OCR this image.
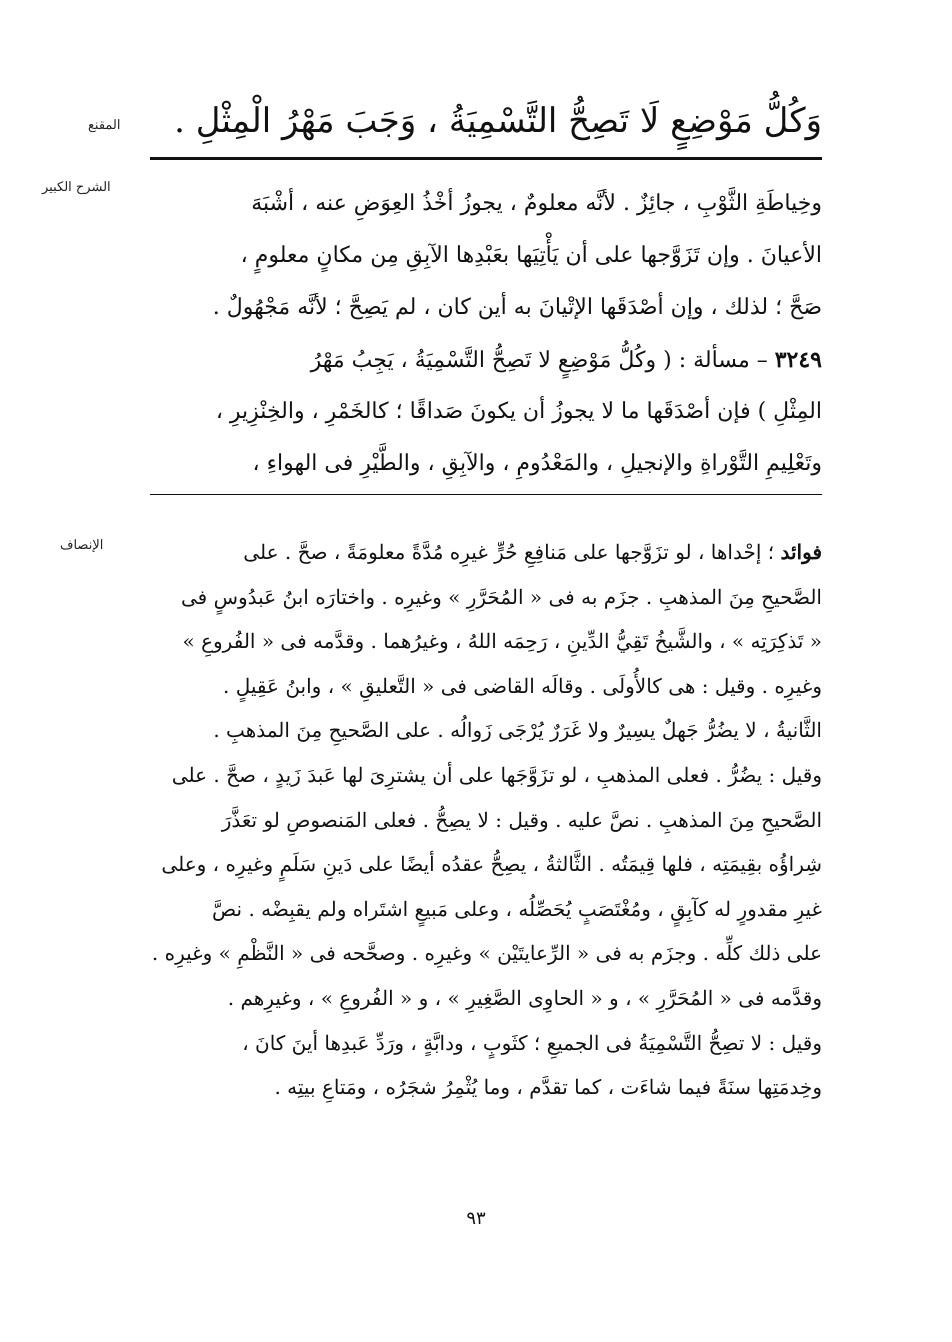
المقنع
الشرح الكبير
الإنصاف
وَكُلُّ مَوْضِعٍ لَا تَصِحُّ التَّسْمِيَةُ ، وَجَبَ مَهْرُ الْمِثْلِ .
وخِياطَةِ الثَّوْبِ ، جائِزٌ . لأنَّه معلومٌ ، يجوزُ أخْذُ العِوَضِ عنه ، أشْبَهَ
الأعيانَ . وإن تَزَوَّجها على أن يَأْتِيَها بعَبْدِها الآبِقِ مِن مكانٍ معلومٍ ،
صَحَّ ؛ لذلك ، وإن أصْدَقَها الإتْيانَ به أين كان ، لم يَصِحَّ ؛ لأنَّه مَجْهُولٌ .
٣٢٤٩ – مسألة : ( وكُلُّ مَوْضِعٍ لا تَصِحُّ التَّسْمِيَةُ ، يَجِبُ مَهْرُ
المِثْلِ ) فإن أصْدَقَها ما لا يجوزُ أن يكونَ صَداقًا ؛ كالخَمْرِ ، والخِنْزِيرِ ،
وتَعْلِيمِ التَّوْراةِ والإنجيلِ ، والمَعْدُومِ ، والآبِقِ ، والطَّيْرِ فى الهواءِ ،
فوائد ؛ إحْداها ، لو تزَوَّجها على مَنافِعِ حُرٍّ غيرِه مُدَّةً معلومَةً ، صحَّ . على
الصَّحيحِ مِنَ المذهبِ . جزَم به فى « المُحَرَّرِ » وغيرِه . واختارَه ابنُ عَبدُوسٍ فى
« تَذكِرَتِه » ، والشَّيخُ تَقِيُّ الدِّينِ ، رَحِمَه اللهُ ، وغيرُهما . وقدَّمه فى « الفُروعِ »
وغيرِه . وقيل : هى كالأُولَى . وقالَه القاضى فى « التَّعليقِ » ، وابنُ عَقِيلٍ .
الثَّانيةُ ، لا يضُرُّ جَهلٌ يسِيرٌ ولا غَرَرٌ يُرْجَى زَوالُه . على الصَّحيحِ مِنَ المذهبِ .
وقيل : يضُرُّ . فعلى المذهبِ ، لو تزَوَّجَها على أن يشترِىَ لها عَبدَ زَيدٍ ، صحَّ . على
الصَّحيحِ مِنَ المذهبِ . نصَّ عليه . وقيل : لا يصِحُّ . فعلى المَنصوصِ لو تعَذَّرَ
شِراؤُه بقِيمَتِه ، فلها قِيمَتُه . الثَّالثةُ ، يصِحُّ عقدُه أيضًا على دَينِ سَلَمٍ وغيرِه ، وعلى
غيرِ مقدورٍ له كآبِقٍ ، ومُغْتَصَبٍ يُحَصِّلُه ، وعلى مَبيعٍ اشتَراه ولم يقبِضْه . نصَّ
على ذلك كلِّه . وجزَم به فى « الرِّعايتَيْن » وغيرِه . وصحَّحه فى « النَّظْمِ » وغيرِه .
وقدَّمه فى « المُحَرَّرِ » ، و « الحاوِى الصَّغِيرِ » ، و « الفُروعِ » ، وغيرِهم .
وقيل : لا تصِحُّ التَّسْمِيَةُ فى الجميعِ ؛ كثَوبٍ ، ودابَّةٍ ، ورَدِّ عَبدِها أينَ كانَ ،
وخِدمَتِها سنَةً فيما شاءَت ، كما تقدَّم ، وما يُثْمِرُ شجَرُه ، ومَتاعِ بيتِه .
٩٣
